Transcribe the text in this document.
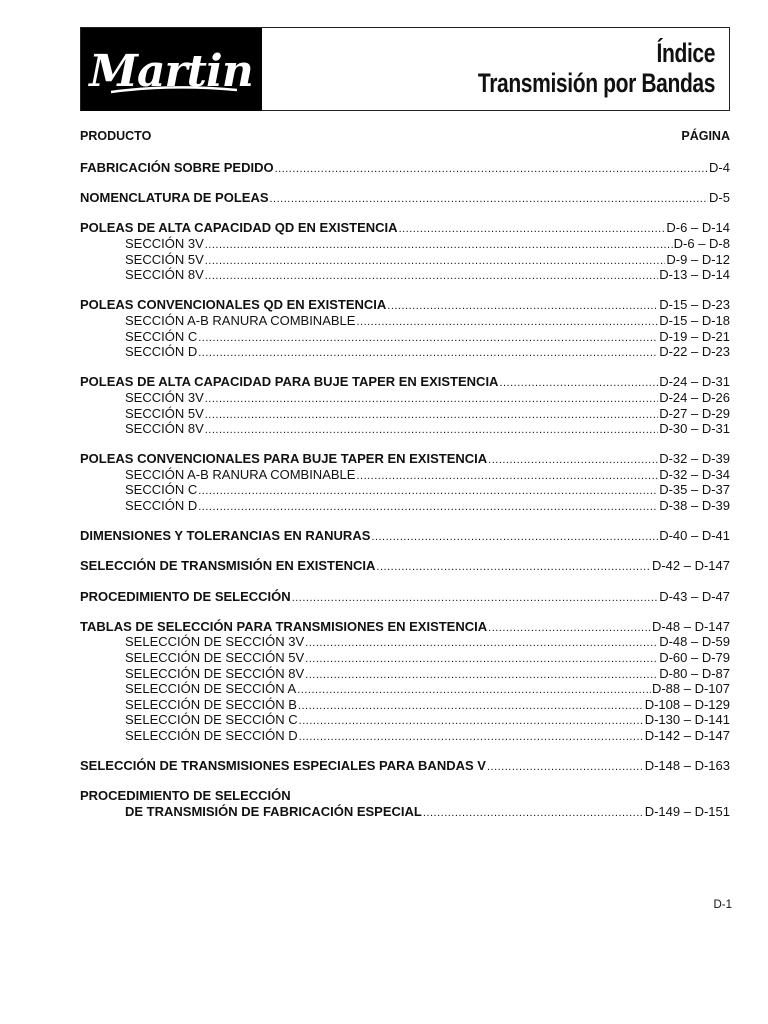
Martin	Índice
Transmisión por Bandas
PRODUCTO	PÁGINA
FABRICACIÓN SOBRE PEDIDO .....	D-4
NOMENCLATURA DE POLEAS .....	D-5
POLEAS DE ALTA CAPACIDAD QD EN EXISTENCIA .....	D-6 – D-14
SECCIÓN 3V .....	D-6 – D-8
SECCIÓN 5V .....	D-9 – D-12
SECCIÓN 8V .....	D-13 – D-14
POLEAS CONVENCIONALES QD EN EXISTENCIA .....	D-15 – D-23
SECCIÓN A-B RANURA COMBINABLE .....	D-15 – D-18
SECCIÓN C .....	D-19 – D-21
SECCIÓN D .....	D-22 – D-23
POLEAS DE ALTA CAPACIDAD PARA BUJE TAPER EN EXISTENCIA .....	D-24 – D-31
SECCIÓN 3V .....	D-24 – D-26
SECCIÓN 5V .....	D-27 – D-29
SECCIÓN 8V .....	D-30 – D-31
POLEAS CONVENCIONALES PARA BUJE TAPER EN EXISTENCIA .....	D-32 – D-39
SECCIÓN A-B RANURA COMBINABLE .....	D-32 – D-34
SECCIÓN C .....	D-35 – D-37
SECCIÓN D .....	D-38 – D-39
DIMENSIONES Y TOLERANCIAS EN RANURAS .....	D-40 – D-41
SELECCIÓN DE TRANSMISIÓN EN EXISTENCIA .....	D-42 – D-147
PROCEDIMIENTO DE SELECCIÓN .....	D-43 – D-47
TABLAS DE SELECCIÓN PARA TRANSMISIONES EN EXISTENCIA .....	D-48 – D-147
SELECCIÓN DE SECCIÓN 3V .....	D-48 – D-59
SELECCIÓN DE SECCIÓN 5V .....	D-60 – D-79
SELECCIÓN DE SECCIÓN 8V .....	D-80 – D-87
SELECCIÓN DE SECCIÓN A .....	D-88 – D-107
SELECCIÓN DE SECCIÓN B .....	D-108 – D-129
SELECCIÓN DE SECCIÓN C .....	D-130 – D-141
SELECCIÓN DE SECCIÓN D .....	D-142 – D-147
SELECCIÓN DE TRANSMISIONES ESPECIALES PARA BANDAS V .....	D-148 – D-163
PROCEDIMIENTO DE SELECCIÓN
DE TRANSMISIÓN DE FABRICACIÓN ESPECIAL .....	D-149 – D-151
D-1
